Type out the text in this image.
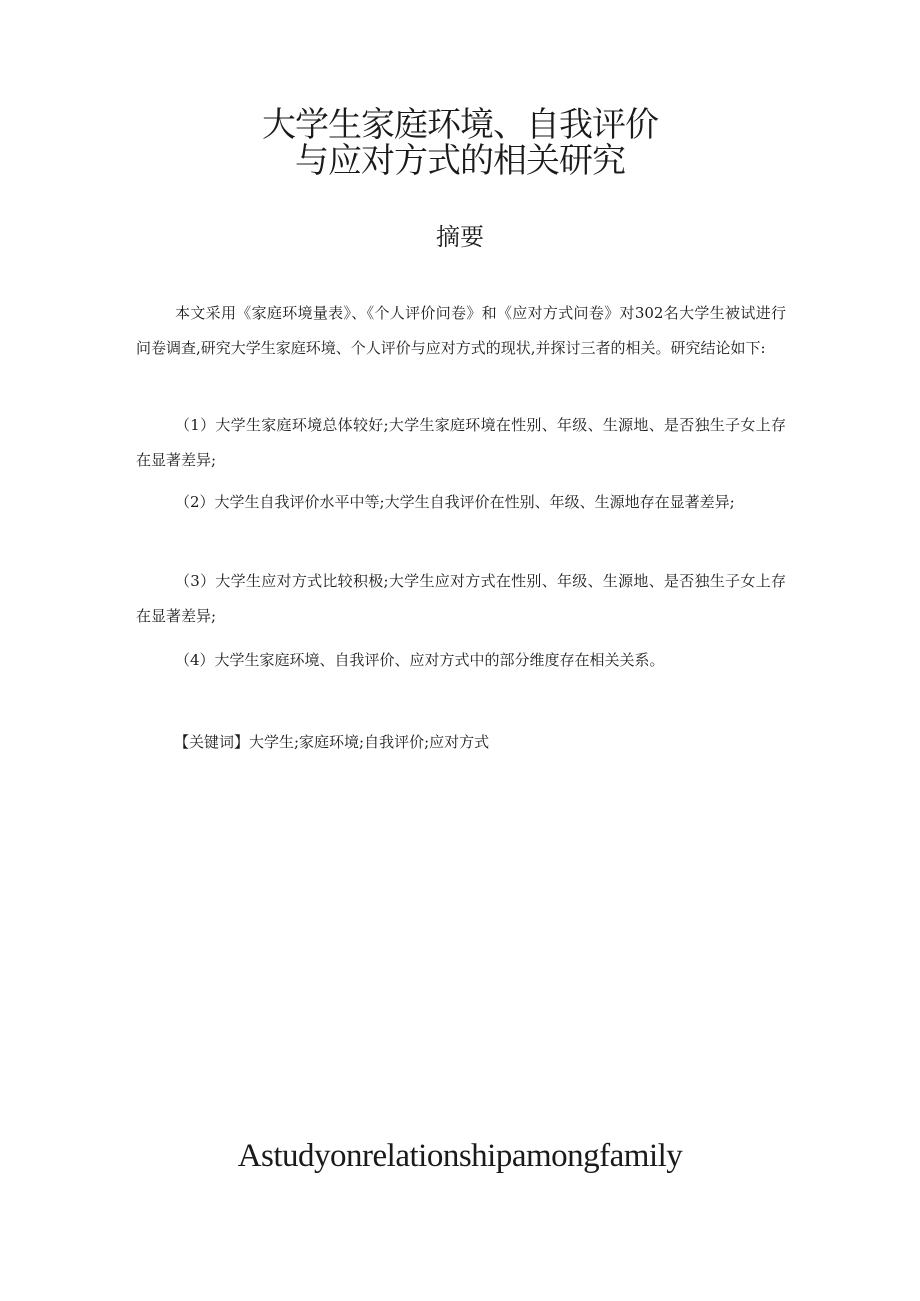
大学生家庭环境、自我评价
与应对方式的相关研究
摘要

本文采用《家庭环境量表》、《个人评价问卷》和《应对方式问卷》对302名大学生被试进行问卷调查,研究大学生家庭环境、个人评价与应对方式的现状,并探讨三者的相关。研究结论如下:

（1）大学生家庭环境总体较好;大学生家庭环境在性别、年级、生源地、是否独生子女上存在显著差异;

（2）大学生自我评价水平中等;大学生自我评价在性别、年级、生源地存在显著差异;

（3）大学生应对方式比较积极;大学生应对方式在性别、年级、生源地、是否独生子女上存在显著差异;

（4）大学生家庭环境、自我评价、应对方式中的部分维度存在相关关系。

【关键词】大学生;家庭环境;自我评价;应对方式

Astudyonrelationshipamongfamily
